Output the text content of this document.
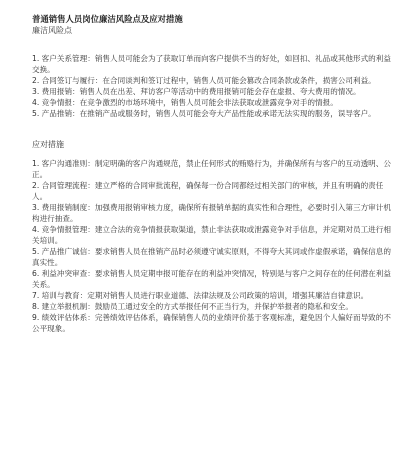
普通销售人员岗位廉洁风险点及应对措施

廉洁风险点

1. 客户关系管理：销售人员可能会为了获取订单而向客户提供不当的好处，如回扣、礼品或其他形式的利益交换。
2. 合同签订与履行：在合同谈判和签订过程中，销售人员可能会篡改合同条款或条件，损害公司利益。
3. 费用报销：销售人员在出差、拜访客户等活动中的费用报销可能会存在虚报、夸大费用的情况。
4. 竞争情报：在竞争激烈的市场环境中，销售人员可能会非法获取或泄露竞争对手的情报。
5. 产品推销：在推销产品或服务时，销售人员可能会夸大产品性能或承诺无法实现的服务，误导客户。

应对措施

1. 客户沟通准则：制定明确的客户沟通规范，禁止任何形式的贿赂行为，并确保所有与客户的互动透明、公正。
2. 合同管理流程：建立严格的合同审批流程，确保每一份合同都经过相关部门的审核，并且有明确的责任人。
3. 费用报销制度：加强费用报销审核力度，确保所有报销单据的真实性和合理性，必要时引入第三方审计机构进行抽查。
4. 竞争情报管理：建立合法的竞争情报获取渠道，禁止非法获取或泄露竞争对手信息，并定期对员工进行相关培训。
5. 产品推广诚信：要求销售人员在推销产品时必须遵守诚实原则，不得夸大其词或作虚假承诺，确保信息的真实性。
6. 利益冲突审查：要求销售人员定期申报可能存在的利益冲突情况，特别是与客户之间存在的任何潜在利益关系。
7. 培训与教育：定期对销售人员进行职业道德、法律法规及公司政策的培训，增强其廉洁自律意识。
8. 建立举报机制：鼓励员工通过安全的方式举报任何不正当行为，并保护举报者的隐私和安全。
9. 绩效评估体系：完善绩效评估体系，确保销售人员的业绩评价基于客观标准，避免因个人偏好而导致的不公平现象。
